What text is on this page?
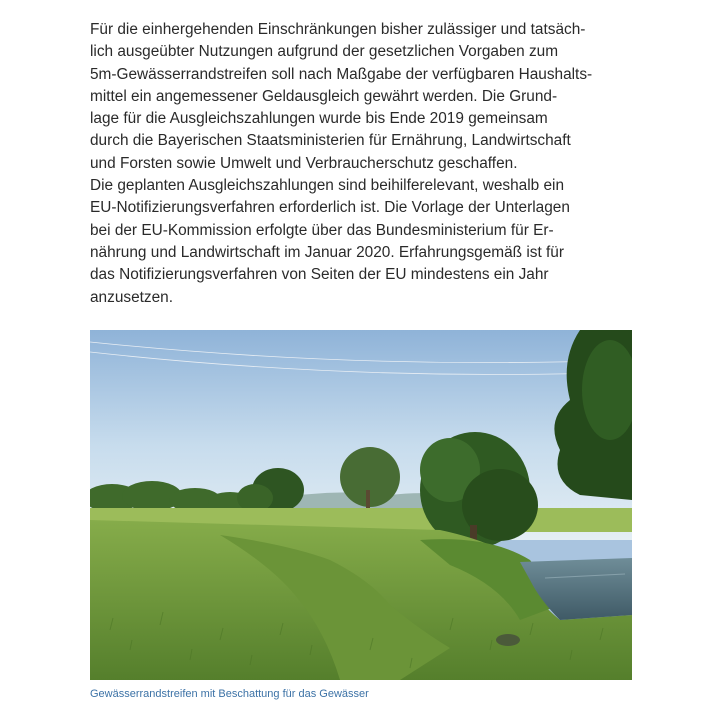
Für die einhergehenden Einschränkungen bisher zulässiger und tatsäch-
lich ausgeübter Nutzungen aufgrund der gesetzlichen Vorgaben zum
5m-Gewässerrandstreifen soll nach Maßgabe der verfügbaren Haushalts-
mittel ein angemessener Geldausgleich gewährt werden. Die Grund-
lage für die Ausgleichszahlungen wurde bis Ende 2019 gemeinsam
durch die Bayerischen Staatsministerien für Ernährung, Landwirtschaft
und Forsten sowie Umwelt und Verbraucherschutz geschaffen.
Die geplanten Ausgleichszahlungen sind beihilferelevant, weshalb ein
EU-Notifizierungsverfahren erforderlich ist. Die Vorlage der Unterlagen
bei der EU-Kommission erfolgte über das Bundesministerium für Er-
nährung und Landwirtschaft im Januar 2020. Erfahrungsgemäß ist für
das Notifizierungsverfahren von Seiten der EU mindestens ein Jahr
anzusetzen.

Gewässerrandstreifen mit Beschattung für das Gewässer
